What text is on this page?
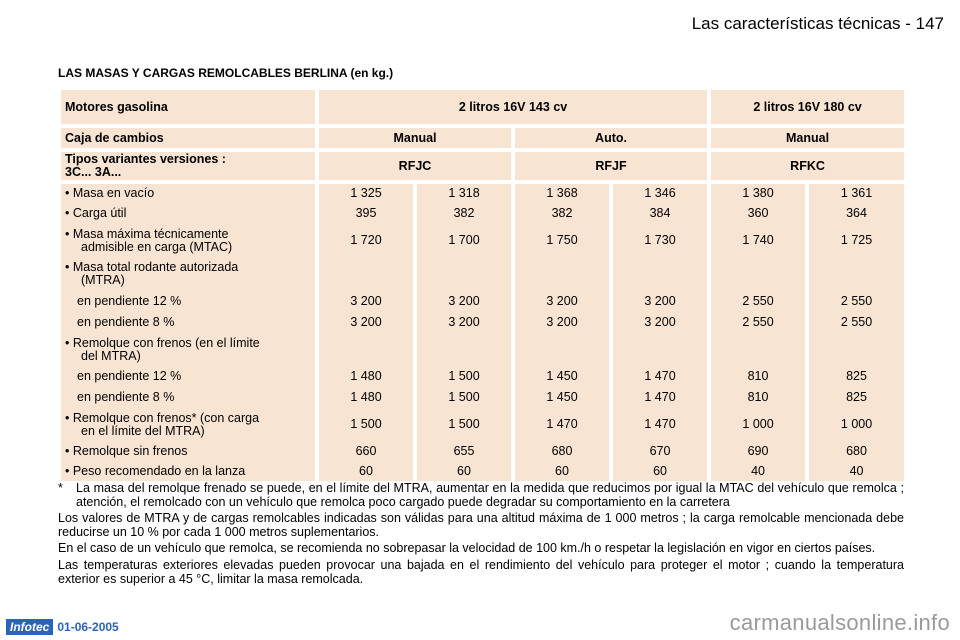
Las características técnicas - 147
LAS MASAS Y CARGAS REMOLCABLES BERLINA (en kg.)
Motores gasolina	2 litros 16V 143 cv				2 litros 16V 180 cv	
Caja de cambios	Manual		Auto.		Manual	
Tipos variantes versiones :
3C... 3A...	RFJC		RFJF		RFKC	
• Masa en vacío	1 325	1 318	1 368	1 346	1 380	1 361
• Carga útil	395	382	382	384	360	364
• Masa máxima técnicamente
admisible en carga (MTAC)	1 720	1 700	1 750	1 730	1 740	1 725
• Masa total rodante autorizada
(MTRA)						
en pendiente 12 %	3 200	3 200	3 200	3 200	2 550	2 550
en pendiente 8 %	3 200	3 200	3 200	3 200	2 550	2 550
• Remolque con frenos (en el límite
del MTRA)						
en pendiente 12 %	1 480	1 500	1 450	1 470	810	825
en pendiente 8 %	1 480	1 500	1 450	1 470	810	825
• Remolque con frenos* (con carga
en el límite del MTRA)	1 500	1 500	1 470	1 470	1 000	1 000
• Remolque sin frenos	660	655	680	670	690	680
• Peso recomendado en la lanza	60	60	60	60	40	40
*	La masa del remolque frenado se puede, en el límite del MTRA, aumentar en la medida que reducimos por igual la MTAC del vehículo que remolca ; atención, el remolcado con un vehículo que remolca poco cargado puede degradar su comportamiento en la carretera

Los valores de MTRA y de cargas remolcables indicadas son válidas para una altitud máxima de 1 000 metros ; la carga remolcable mencionada debe reducirse un 10 % por cada 1 000 metros suplementarios.

En el caso de un vehículo que remolca, se recomienda no sobrepasar la velocidad de 100 km./h o respetar la legislación en vigor en ciertos países.

Las temperaturas exteriores elevadas pueden provocar una bajada en el rendimiento del vehículo para proteger el motor ; cuando la temperatura exterior es superior a 45 °C, limitar la masa remolcada.

Infotec 01-06-2005	carmanualsonline.info
